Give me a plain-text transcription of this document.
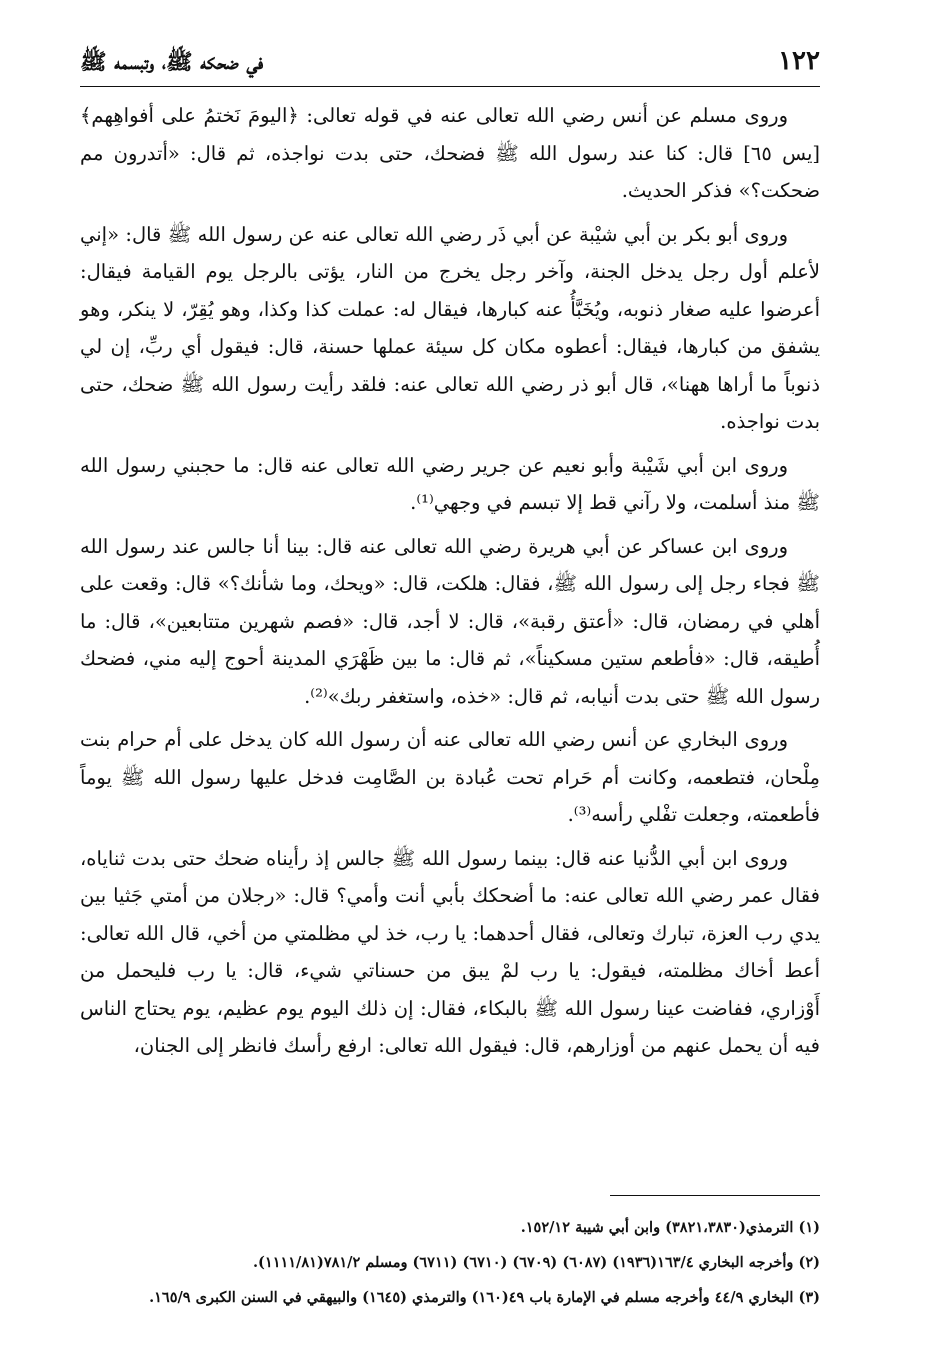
١٢٢
في ضحكه ﷺ، وتبسمه ﷺ

وروى مسلم عن أنس رضي الله تعالى عنه في قوله تعالى: ﴿اليومَ نَختمُ على أفواهِهم﴾ [يس ٦٥] قال: كنا عند رسول الله ﷺ فضحك، حتى بدت نواجذه، ثم قال: «أتدرون مم ضحكت؟» فذكر الحديث.

وروى أبو بكر بن أبي شيْبة عن أبي ذَر رضي الله تعالى عنه عن رسول الله ﷺ قال: «إني لأعلم أول رجل يدخل الجنة، وآخر رجل يخرج من النار، يؤتى بالرجل يوم القيامة فيقال: أعرضوا عليه صغار ذنوبه، ويُخَبَّأُ عنه كبارها، فيقال له: عملت كذا وكذا، وهو يُقِرّ، لا ينكر، وهو يشفق من كبارها، فيقال: أعطوه مكان كل سيئة عملها حسنة، قال: فيقول أي ربِّ، إن لي ذنوباً ما أراها ههنا»، قال أبو ذر رضي الله تعالى عنه: فلقد رأيت رسول الله ﷺ ضحك، حتى بدت نواجذه.

وروى ابن أبي شَيْبة وأبو نعيم عن جرير رضي الله تعالى عنه قال: ما حجبني رسول الله ﷺ منذ أسلمت، ولا رآني قط إلا تبسم في وجهي⁽¹⁾.

وروى ابن عساكر عن أبي هريرة رضي الله تعالى عنه قال: بينا أنا جالس عند رسول الله ﷺ فجاء رجل إلى رسول الله ﷺ، فقال: هلكت، قال: «ويحك، وما شأنك؟» قال: وقعت على أهلي في رمضان، قال: «أعتق رقبة»، قال: لا أجد، قال: «فصم شهرين متتابعين»، قال: ما أُطيقه، قال: «فأطعم ستين مسكيناً»، ثم قال: ما بين ظَهْرَي المدينة أحوج إليه مني، فضحك رسول الله ﷺ حتى بدت أنيابه، ثم قال: «خذه، واستغفر ربك»⁽²⁾.

وروى البخاري عن أنس رضي الله تعالى عنه أن رسول الله كان يدخل على أم حرام بنت مِلْحان، فتطعمه، وكانت أم حَرام تحت عُبادة بن الصَّامِت فدخل عليها رسول الله ﷺ يوماً فأطعمته، وجعلت تفْلي رأسه⁽³⁾.

وروى ابن أبي الدُّنيا عنه قال: بينما رسول الله ﷺ جالس إذ رأيناه ضحك حتى بدت ثناياه، فقال عمر رضي الله تعالى عنه: ما أضحكك بأبي أنت وأمي؟ قال: «رجلان من أمتي جَثيا بين يدي رب العزة، تبارك وتعالى، فقال أحدهما: يا رب، خذ لي مظلمتي من أخي، قال الله تعالى: أعط أخاك مظلمته، فيقول: يا رب لمْ يبق من حسناتي شيء، قال: يا رب فليحمل من أَوْزاري، ففاضت عينا رسول الله ﷺ بالبكاء، فقال: إن ذلك اليوم يوم عظيم، يوم يحتاج الناس فيه أن يحمل عنهم من أوزارهم، قال: فيقول الله تعالى: ارفع رأسك فانظر إلى الجنان،

(١) الترمذي(٣٨٢١،٣٨٣٠) وابن أبي شيبة ١٥٢/١٢.

(٢) وأخرجه البخاري ١٦٣/٤(١٩٣٦) (٦٠٨٧) (٦٧٠٩) (٦٧١٠) (٦٧١١) ومسلم ٧٨١/٢(١١١١/٨١).

(٣) البخاري ٤٤/٩ وأخرجه مسلم في الإمارة باب ٤٩(١٦٠) والترمذي (١٦٤٥) والبيهقي في السنن الكبرى ١٦٥/٩.
